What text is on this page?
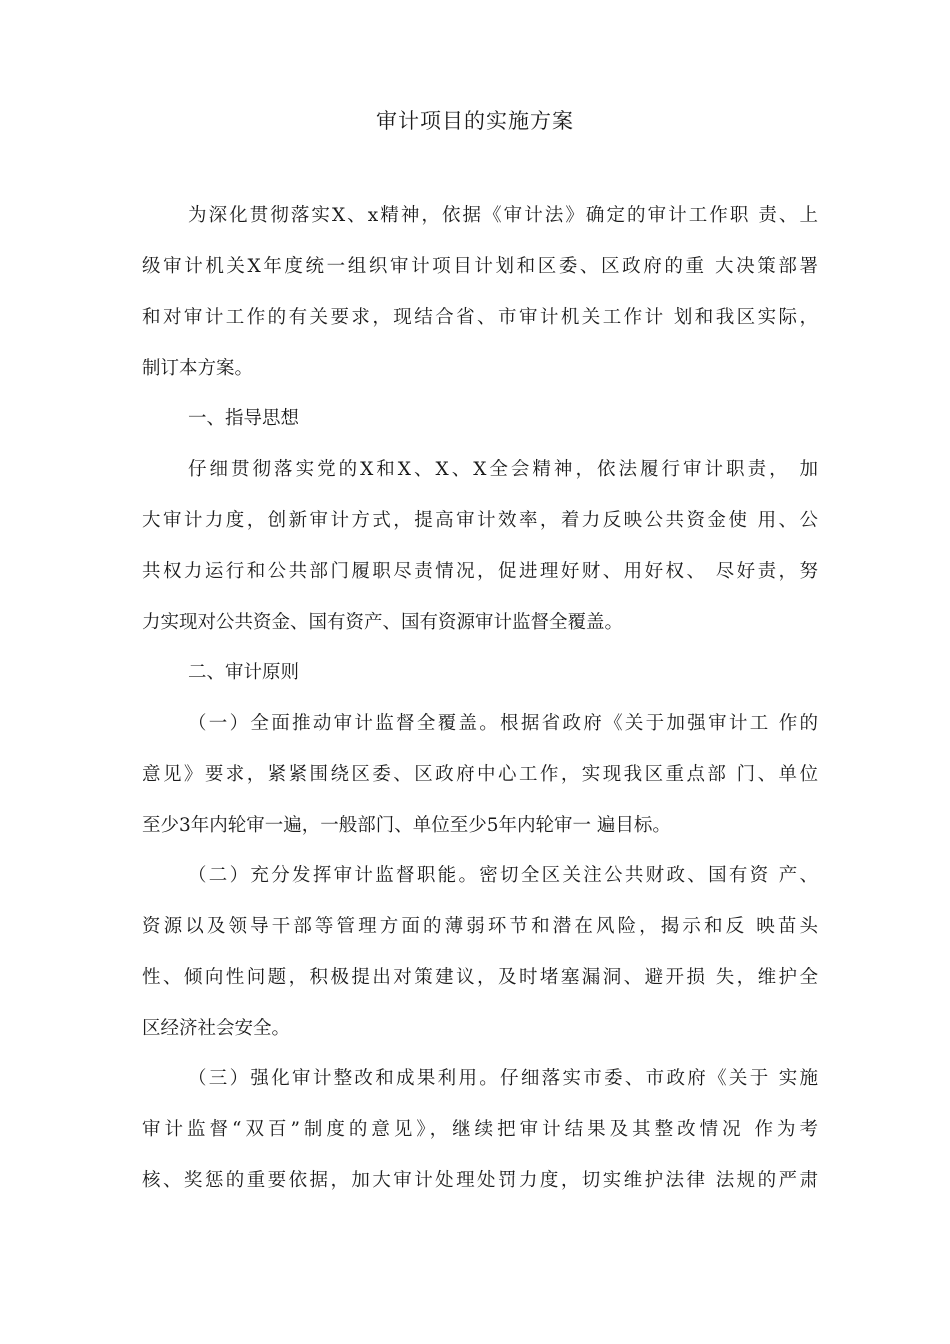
审计项目的实施方案
为深化贯彻落实X、x精神，依据《审计法》确定的审计工作职 责、上
级审计机关X年度统一组织审计项目计划和区委、区政府的重 大决策部署
和对审计工作的有关要求，现结合省、市审计机关工作计 划和我区实际，
制订本方案。
一、指导思想
仔细贯彻落实党的X和X、X、X全会精神，依法履行审计职责， 加
大审计力度，创新审计方式，提高审计效率，着力反映公共资金使 用、公
共权力运行和公共部门履职尽责情况，促进理好财、用好权、 尽好责，努
力实现对公共资金、国有资产、国有资源审计监督全覆盖。
二、审计原则
（一）全面推动审计监督全覆盖。根据省政府《关于加强审计工 作的
意见》要求，紧紧围绕区委、区政府中心工作，实现我区重点部 门、单位
至少3年内轮审一遍，一般部门、单位至少5年内轮审一 遍目标。
（二）充分发挥审计监督职能。密切全区关注公共财政、国有资 产、
资源以及领导干部等管理方面的薄弱环节和潜在风险，揭示和反 映苗头
性、倾向性问题，积极提出对策建议，及时堵塞漏洞、避开损 失，维护全
区经济社会安全。
（三）强化审计整改和成果利用。仔细落实市委、市政府《关于 实施
审计监督“双百”制度的意见》，继续把审计结果及其整改情况 作为考
核、奖惩的重要依据，加大审计处理处罚力度，切实维护法律 法规的严肃
